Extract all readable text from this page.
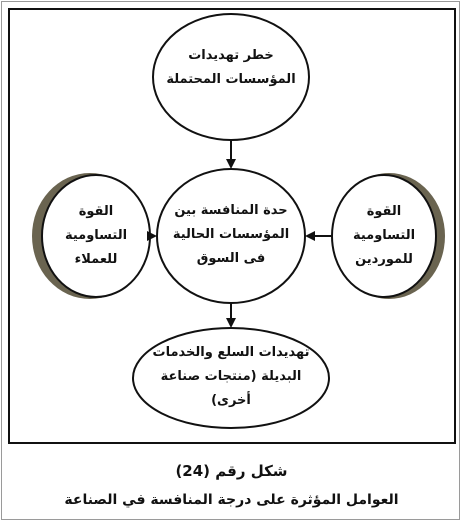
خطر تهديدات
المؤسسات المحتملة
حدة المنافسة بين
المؤسسات الحالية
فى السوق
القوة
التساومية
للعملاء
القوة
التساومية
للموردين
تهديدات السلع والخدمات
البديلة (منتجات صناعة
أخرى)
شكل رقم (24)
العوامل المؤثرة على درجة المنافسة في الصناعة
